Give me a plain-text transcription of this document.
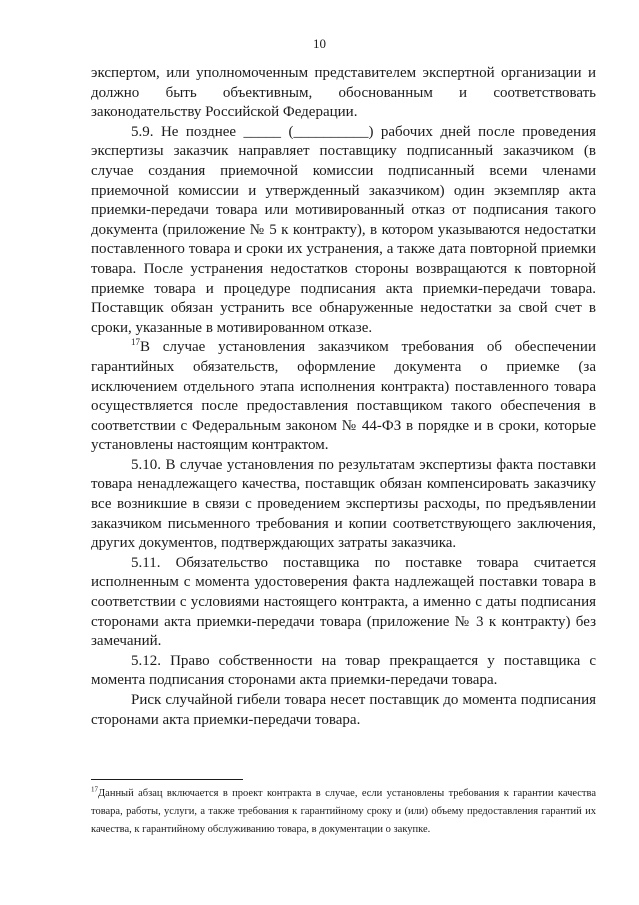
10

экспертом, или уполномоченным представителем экспертной организации и должно быть объективным, обоснованным и соответствовать законодательству Российской Федерации.

5.9. Не позднее _____ (__________) рабочих дней после проведения экспертизы заказчик направляет поставщику подписанный заказчиком (в случае создания приемочной комиссии подписанный всеми членами приемочной комиссии и утвержденный заказчиком) один экземпляр акта приемки-передачи товара или мотивированный отказ от подписания такого документа (приложение № 5 к контракту), в котором указываются недостатки поставленного товара и сроки их устранения, а также дата повторной приемки товара. После устранения недостатков стороны возвращаются к повторной приемке товара и процедуре подписания акта приемки-передачи товара. Поставщик обязан устранить все обнаруженные недостатки за свой счет в сроки, указанные в мотивированном отказе.

$^{17}$В случае установления заказчиком требования об обеспечении гарантийных обязательств, оформление документа о приемке (за исключением отдельного этапа исполнения контракта) поставленного товара осуществляется после предоставления поставщиком такого обеспечения в соответствии с Федеральным законом № 44-ФЗ в порядке и в сроки, которые установлены настоящим контрактом.

5.10. В случае установления по результатам экспертизы факта поставки товара ненадлежащего качества, поставщик обязан компенсировать заказчику все возникшие в связи с проведением экспертизы расходы, по предъявлении заказчиком письменного требования и копии соответствующего заключения, других документов, подтверждающих затраты заказчика.

5.11. Обязательство поставщика по поставке товара считается исполненным с момента удостоверения факта надлежащей поставки товара в соответствии с условиями настоящего контракта, а именно с даты подписания сторонами акта приемки-передачи товара (приложение № 3 к контракту) без замечаний.

5.12. Право собственности на товар прекращается у поставщика с момента подписания сторонами акта приемки-передачи товара.

Риск случайной гибели товара несет поставщик до момента подписания сторонами акта приемки-передачи товара.

$^{17}$Данный абзац включается в проект контракта в случае, если установлены требования к гарантии качества товара, работы, услуги, а также требования к гарантийному сроку и (или) объему предоставления гарантий их качества, к гарантийному обслуживанию товара, в документации о закупке.
